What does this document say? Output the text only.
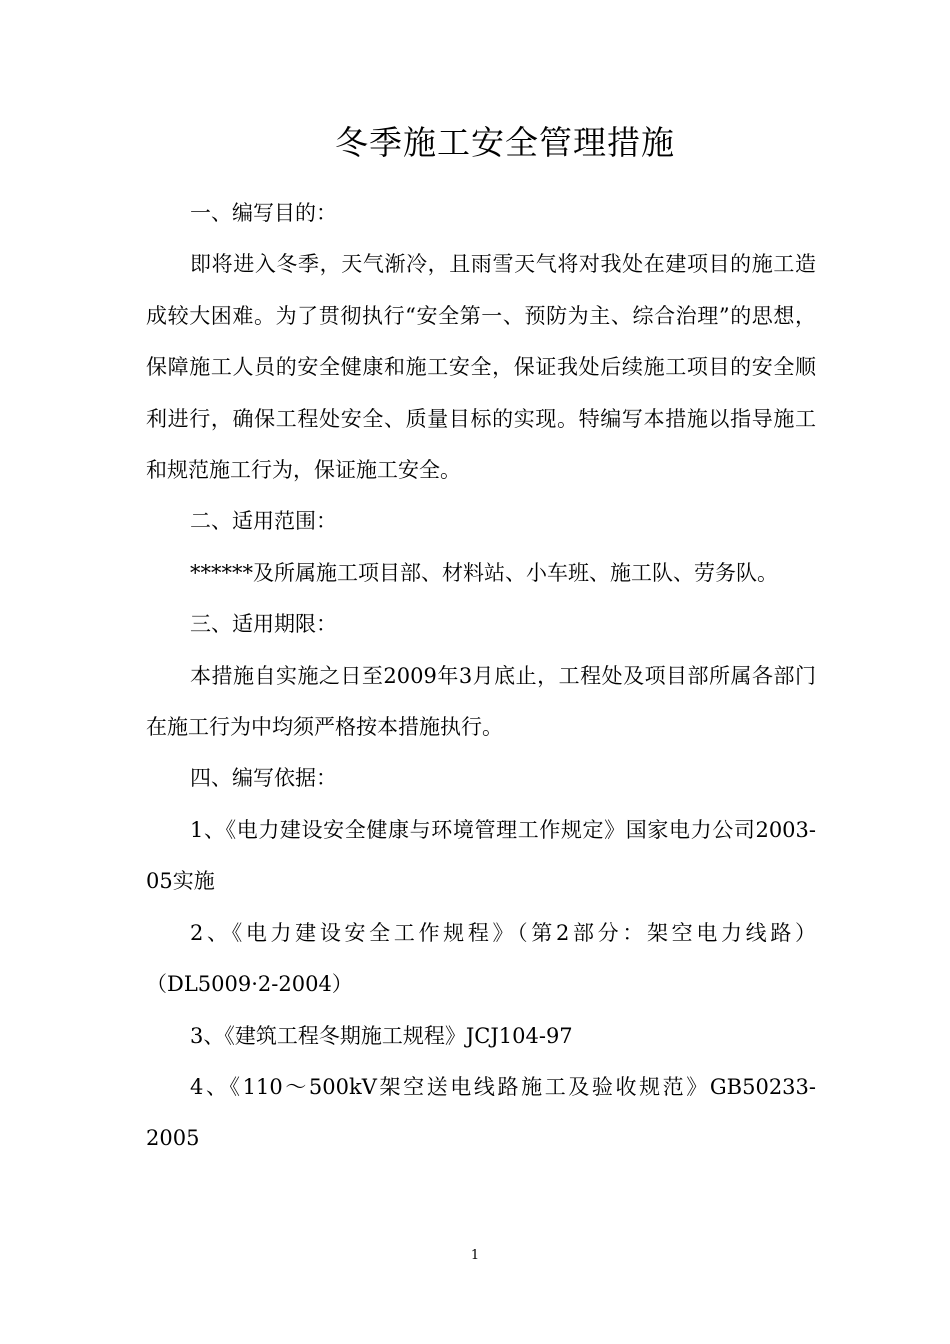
冬季施工安全管理措施

一、编写目的：

即将进入冬季，天气渐冷，且雨雪天气将对我处在建项目的施工造成较大困难。为了贯彻执行“安全第一、预防为主、综合治理”的思想，保障施工人员的安全健康和施工安全，保证我处后续施工项目的安全顺利进行，确保工程处安全、质量目标的实现。特编写本措施以指导施工和规范施工行为，保证施工安全。

二、适用范围：

******及所属施工项目部、材料站、小车班、施工队、劳务队。

三、适用期限：

本措施自实施之日至2009年3月底止，工程处及项目部所属各部门在施工行为中均须严格按本措施执行。

四、编写依据：

1、《电力建设安全健康与环境管理工作规定》国家电力公司2003-05实施

2、《电力建设安全工作规程》（第2部分：架空电力线路）（DL5009·2-2004）

3、《建筑工程冬期施工规程》JCJ104-97

4、《110～500kV架空送电线路施工及验收规范》GB50233-2005

1
